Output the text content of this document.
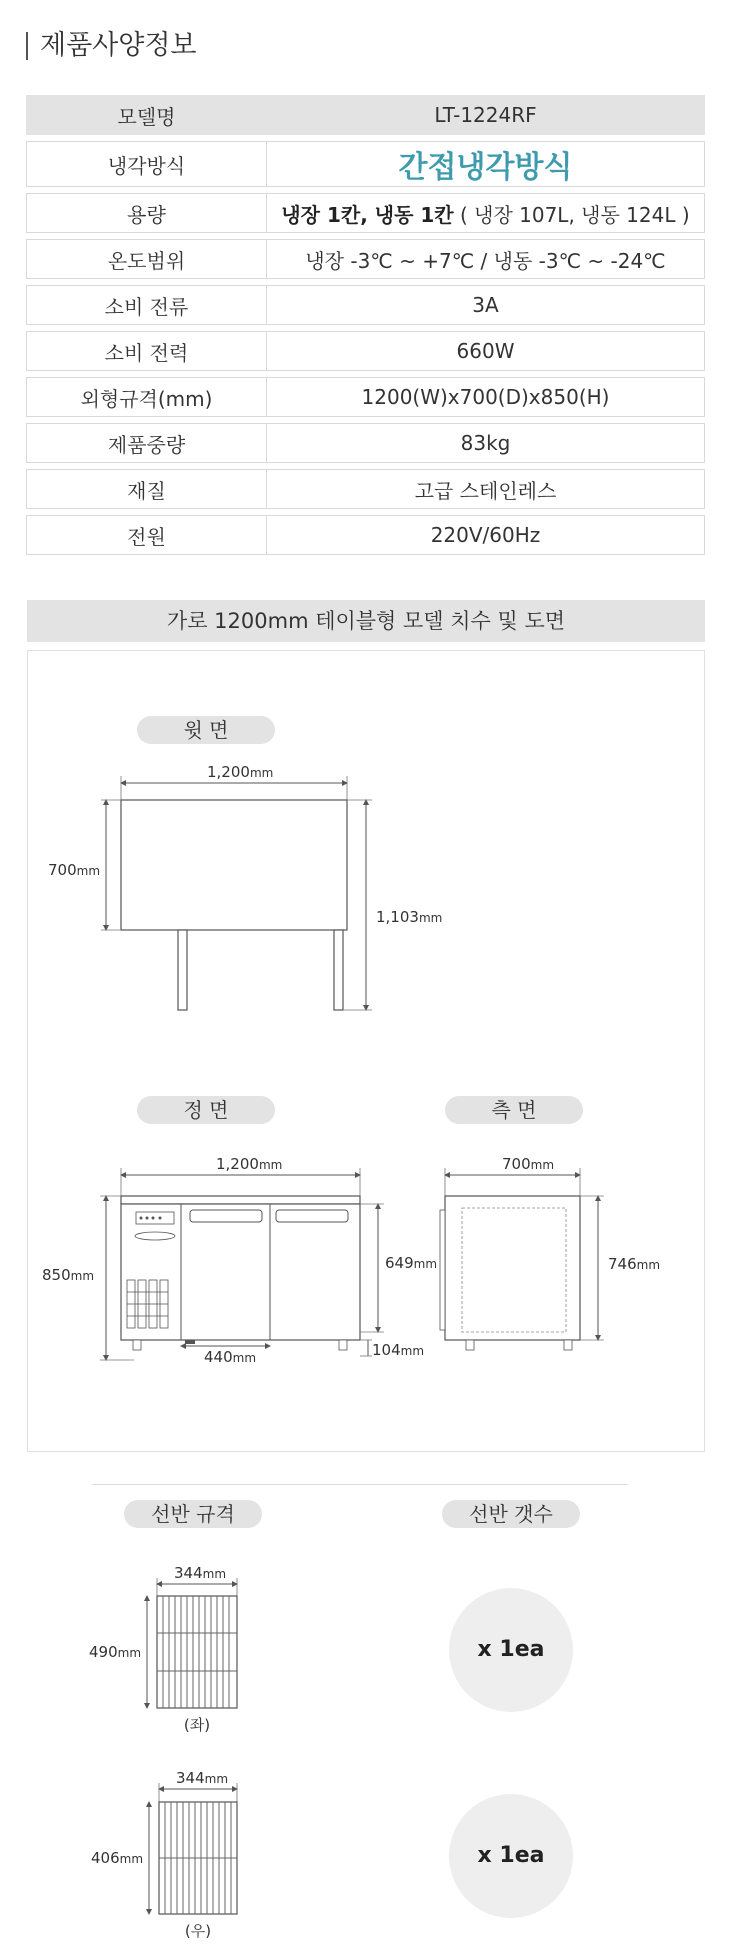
제품사양정보
모델명	LT-1224RF
냉각방식	간접냉각방식
용량	냉장 1칸, 냉동 1칸 ( 냉장 107L, 냉동 124L )
온도범위	냉장 -3℃ ~ +7℃ / 냉동 -3℃ ~ -24℃
소비 전류	3A
소비 전력	660W
외형규격(mm)	1200(W)x700(D)x850(H)
제품중량	83kg
재질	고급 스테인레스
전원	220V/60Hz
가로 1200mm 테이블형 모델 치수 및 도면
윗 면
정 면	측 면
1,200mm
700mm
1,103mm
1,200mm
850mm
649mm
104mm
440mm
700mm
746mm
선반 규격	선반 갯수
344mm
490mm
(좌)
344mm
406mm
(우)
x 1ea
x 1ea
